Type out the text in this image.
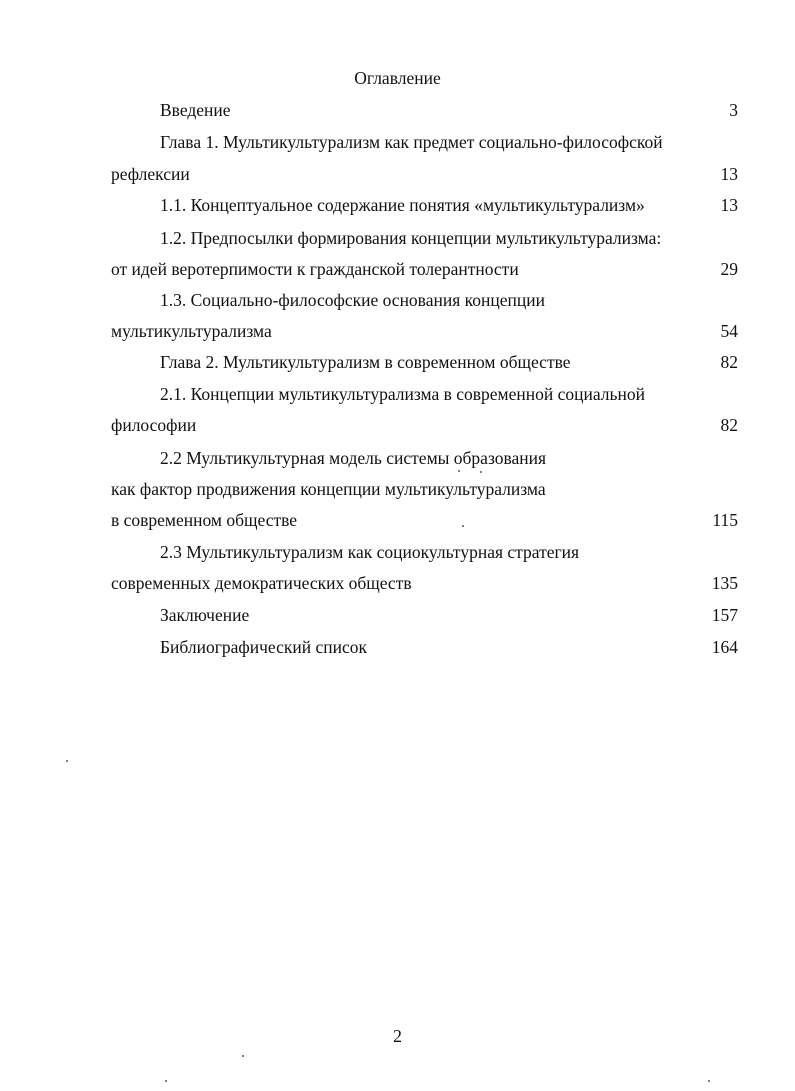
Оглавление
Введение	3
Глава 1. Мультикультурализм как предмет социально-философской
рефлексии	13
1.1. Концептуальное содержание понятия «мультикультурализм»	13
1.2. Предпосылки формирования концепции мультикультурализма:
от идей веротерпимости к гражданской толерантности	29
1.3. Социально-философские основания концепции
мультикультурализма	54
Глава 2. Мультикультурализм в современном обществе	82
2.1. Концепции мультикультурализма в современной социальной
философии	82
2.2 Мультикультурная модель системы образования
как фактор продвижения концепции мультикультурализма
в современном обществе	115
2.3 Мультикультурализм как социокультурная стратегия
современных демократических обществ	135
Заключение	157
Библиографический список	164
2
